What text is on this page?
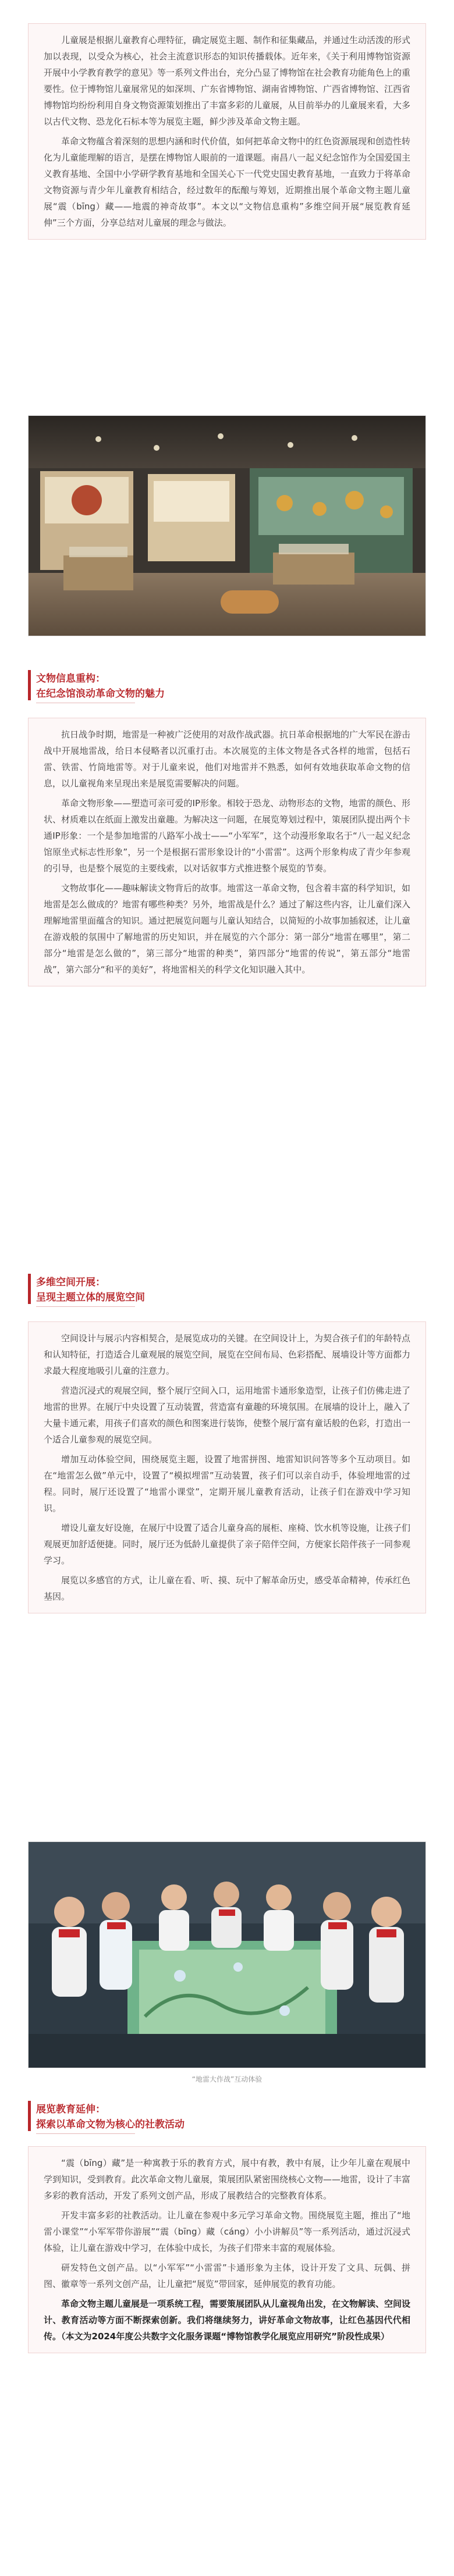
儿童展是根据儿童教育心理特征，确定展览主题、制作和征集藏品，并通过生动活泼的形式加以表现，以受众为核心，社会主流意识形态的知识传播载体。近年来，《关于利用博物馆资源开展中小学教育教学的意见》等一系列文件出台，充分凸显了博物馆在社会教育功能角色上的重要性。位于博物馆儿童展常见的如深圳、广东省博物馆、湖南省博物馆、广西省博物馆、江西省博物馆均纷纷利用自身文物资源策划推出了丰富多彩的儿童展，从目前举办的儿童展来看，大多以古代文物、恐龙化石标本等为展览主题，鲜少涉及革命文物主题。

革命文物蕴含着深刻的思想内涵和时代价值，如何把革命文物中的红色资源展现和创造性转化为儿童能理解的语言，是摆在博物馆人眼前的一道课题。南昌八一起义纪念馆作为全国爱国主义教育基地、全国中小学研学教育基地和全国关心下一代党史国史教育基地，一直致力于将革命文物资源与青少年儿童教育相结合，经过数年的酝酿与筹划，近期推出展个革命文物主题儿童展“震（bīng）藏——地震的神奇故事”。本文以“文物信息重构”多维空间开展“展览教育延伸”三个方面，分享总结对儿童展的理念与做法。

文物信息重构：
在纪念馆浪动革命文物的魅力

抗日战争时期，地雷是一种被广泛使用的对敌作战武器。抗日革命根据地的广大军民在游击战中开展地雷战，给日本侵略者以沉重打击。本次展览的主体文物是各式各样的地雷，包括石雷、铁雷、竹筒地雷等。对于儿童来说，他们对地雷并不熟悉，如何有效地获取革命文物的信息，以儿童视角来呈现出来是展览需要解决的问题。

革命文物形象——塑造可亲可爱的IP形象。相较于恐龙、动物形态的文物，地雷的颜色、形状、材质难以在纸面上激发出童趣。为解决这一问题，在展览筹划过程中，策展团队提出两个卡通IP形象：一个是参加地雷的八路军小战士——“小军军”，这个动漫形象取名于“八一起义纪念馆原坐式标志性形象”，另一个是根据石雷形象设计的“小雷雷”。这两个形象构成了青少年参观的引导，也是整个展览的主要线索，以对话叙事方式推进整个展览的节奏。

文物故事化——趣味解读文物背后的故事。地雷这一革命文物，包含着丰富的科学知识，如地雷是怎么做成的？地雷有哪些种类？另外，地雷战是什么？通过了解这些内容，让儿童们深入理解地雷里面蕴含的知识。通过把展览问题与儿童认知结合，以简短的小故事加插叙述，让儿童在游戏般的氛围中了解地雷的历史知识，并在展览的六个部分：第一部分“地雷在哪里”，第二部分“地雷是怎么做的”，第三部分“地雷的种类”，第四部分“地雷的传说”，第五部分“地雷战”，第六部分“和平的美好”，将地雷相关的科学文化知识融入其中。

多维空间开展：
呈现主题立体的展览空间

空间设计与展示内容相契合，是展览成功的关键。在空间设计上，为契合孩子们的年龄特点和认知特征，打造适合儿童观展的展览空间，展览在空间布局、色彩搭配、展墙设计等方面都力求最大程度地吸引儿童的注意力。

营造沉浸式的观展空间，整个展厅空间入口，运用地雷卡通形象造型，让孩子们仿佛走进了地雷的世界。在展厅中央设置了互动装置，营造富有童趣的环境氛围。在展墙的设计上，融入了大量卡通元素，用孩子们喜欢的颜色和图案进行装饰，使整个展厅富有童话般的色彩，打造出一个适合儿童参观的展览空间。

增加互动体验空间，围绕展览主题，设置了地雷拼图、地雷知识问答等多个互动项目。如在“地雷怎么做”单元中，设置了“模拟埋雷”互动装置，孩子们可以亲自动手，体验埋地雷的过程。同时，展厅还设置了“地雷小课堂”，定期开展儿童教育活动，让孩子们在游戏中学习知识。

增设儿童友好设施，在展厅中设置了适合儿童身高的展柜、座椅、饮水机等设施，让孩子们观展更加舒适便捷。同时，展厅还为低龄儿童提供了亲子陪伴空间，方便家长陪伴孩子一同参观学习。

展览以多感官的方式，让儿童在看、听、摸、玩中了解革命历史，感受革命精神，传承红色基因。

“地雷大作战”互动体验
展览教育延伸：
探索以革命文物为核心的社教活动

“震（bīng）藏”是一种寓教于乐的教育方式，展中有教，教中有展，让少年儿童在观展中学到知识，受到教育。此次革命文物儿童展，策展团队紧密围绕核心文物——地雷，设计了丰富多彩的教育活动，开发了系列文创产品，形成了展教结合的完整教育体系。

开发丰富多彩的社教活动。让儿童在参观中多元学习革命文物。围绕展览主题，推出了“地雷小课堂”“小军军带你游展”“震（bīng）藏（cáng）小小讲解员”等一系列活动，通过沉浸式体验，让儿童在游戏中学习，在体验中成长，为孩子们带来丰富的观展体验。

研发特色文创产品。以“小军军”“小雷雷”卡通形象为主体，设计开发了文具、玩偶、拼图、徽章等一系列文创产品，让儿童把“展览”带回家，延伸展览的教育功能。

革命文物主题儿童展是一项系统工程，需要策展团队从儿童视角出发，在文物解读、空间设计、教育活动等方面不断探索创新。我们将继续努力，讲好革命文物故事，让红色基因代代相传。（本文为2024年度公共数字文化服务课题“博物馆教学化展览应用研究”阶段性成果）
